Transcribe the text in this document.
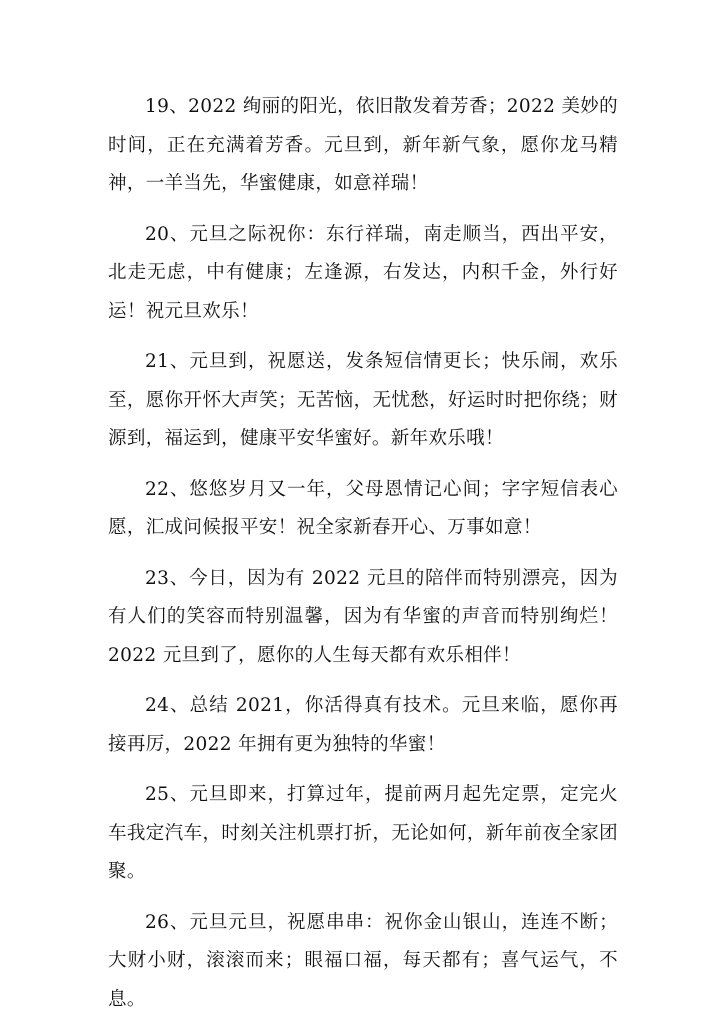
19、2022 绚丽的阳光，依旧散发着芳香；2022 美妙的时间，正在充满着芳香。元旦到，新年新气象，愿你龙马精神，一羊当先，华蜜健康，如意祥瑞！

20、元旦之际祝你：东行祥瑞，南走顺当，西出平安，北走无虑，中有健康；左逢源，右发达，内积千金，外行好运！祝元旦欢乐！

21、元旦到，祝愿送，发条短信情更长；快乐闹，欢乐至，愿你开怀大声笑；无苦恼，无忧愁，好运时时把你绕；财源到，福运到，健康平安华蜜好。新年欢乐哦！

22、悠悠岁月又一年，父母恩情记心间；字字短信表心愿，汇成问候报平安！祝全家新春开心、万事如意！

23、今日，因为有 2022 元旦的陪伴而特别漂亮，因为有人们的笑容而特别温馨，因为有华蜜的声音而特别绚烂！2022 元旦到了，愿你的人生每天都有欢乐相伴！

24、总结 2021，你活得真有技术。元旦来临，愿你再接再厉，2022 年拥有更为独特的华蜜！

25、元旦即来，打算过年，提前两月起先定票，定完火车我定汽车，时刻关注机票打折，无论如何，新年前夜全家团聚。

26、元旦元旦，祝愿串串：祝你金山银山，连连不断；大财小财，滚滚而来；眼福口福，每天都有；喜气运气，不息。
